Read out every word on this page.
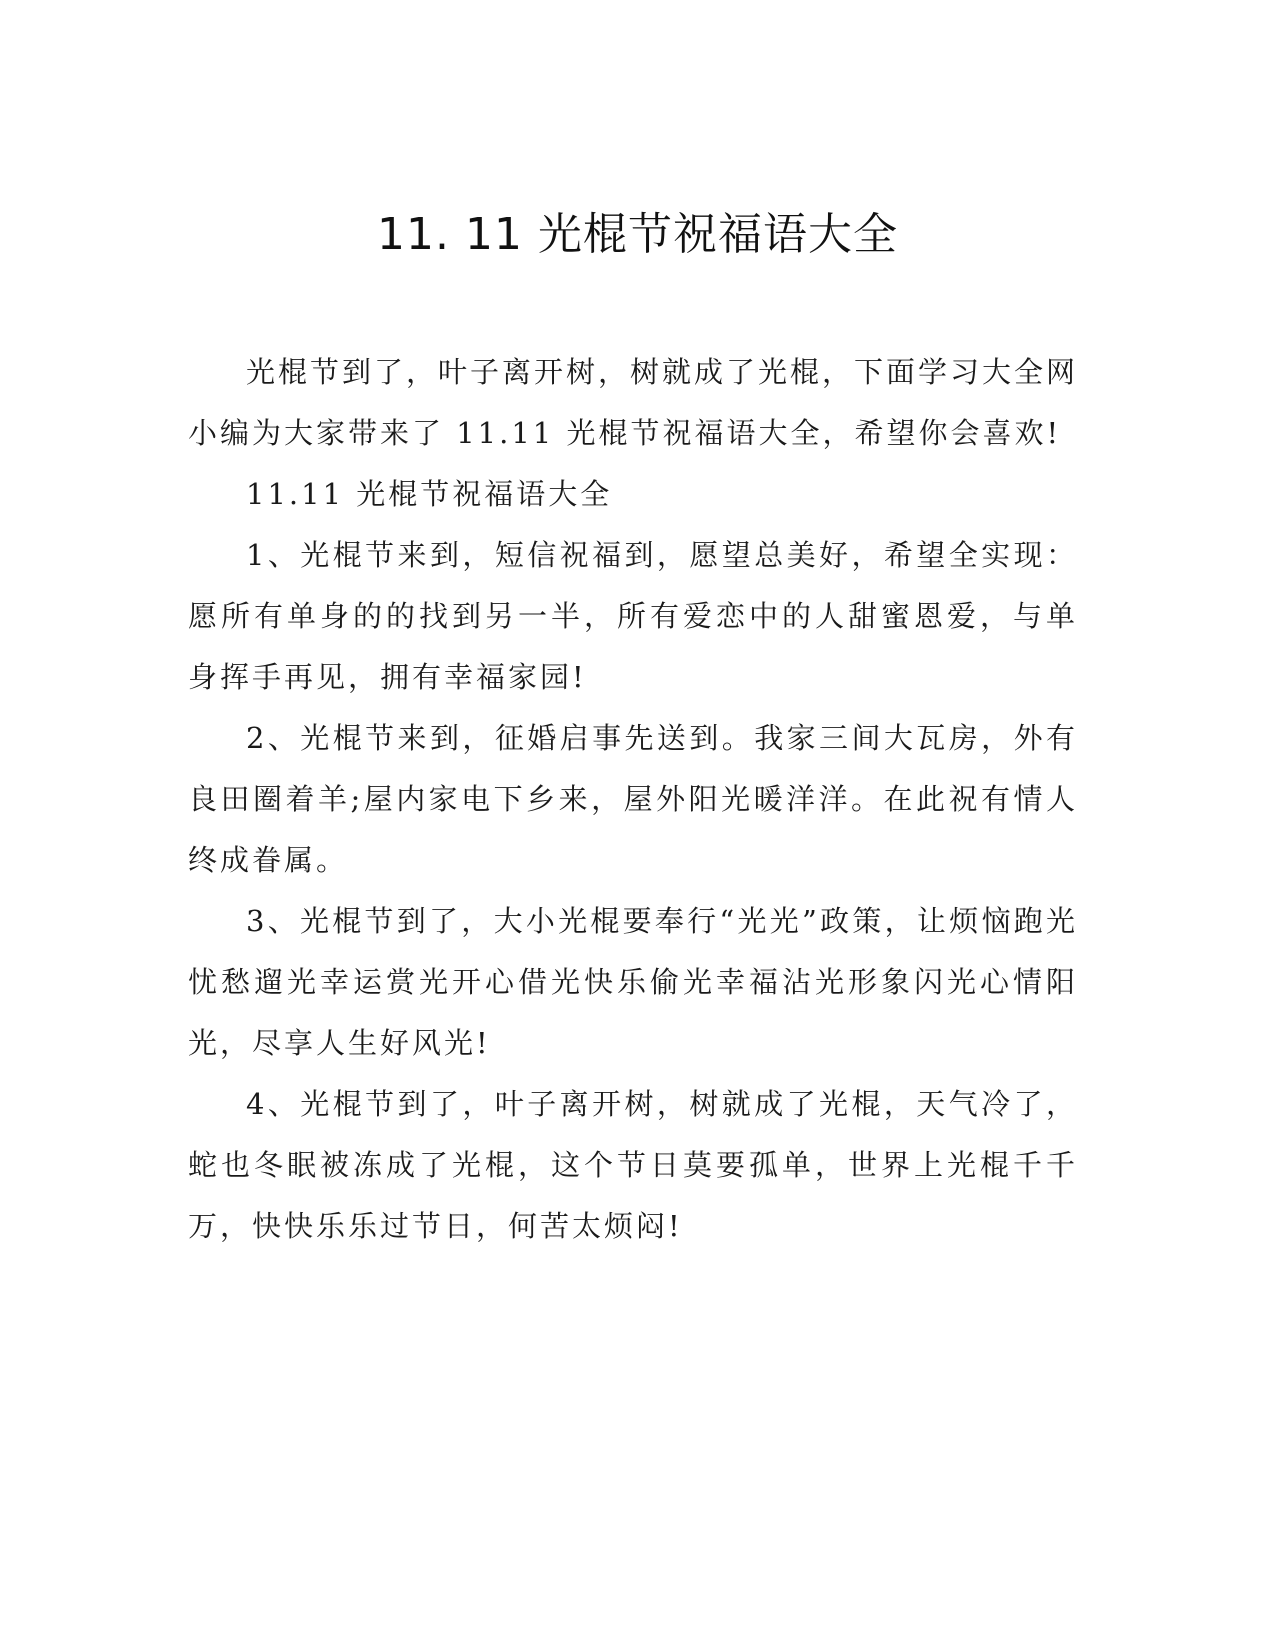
11. 11 光棍节祝福语大全

光棍节到了，叶子离开树，树就成了光棍，下面学习大全网小编为大家带来了 11.11 光棍节祝福语大全，希望你会喜欢!

11.11 光棍节祝福语大全

1、光棍节来到，短信祝福到，愿望总美好，希望全实现：愿所有单身的的找到另一半，所有爱恋中的人甜蜜恩爱，与单身挥手再见，拥有幸福家园!

2、光棍节来到，征婚启事先送到。我家三间大瓦房，外有良田圈着羊;屋内家电下乡来，屋外阳光暖洋洋。在此祝有情人终成眷属。

3、光棍节到了，大小光棍要奉行“光光”政策，让烦恼跑光忧愁遛光幸运赏光开心借光快乐偷光幸福沾光形象闪光心情阳光，尽享人生好风光!

4、光棍节到了，叶子离开树，树就成了光棍，天气冷了，蛇也冬眠被冻成了光棍，这个节日莫要孤单，世界上光棍千千万，快快乐乐过节日，何苦太烦闷!
